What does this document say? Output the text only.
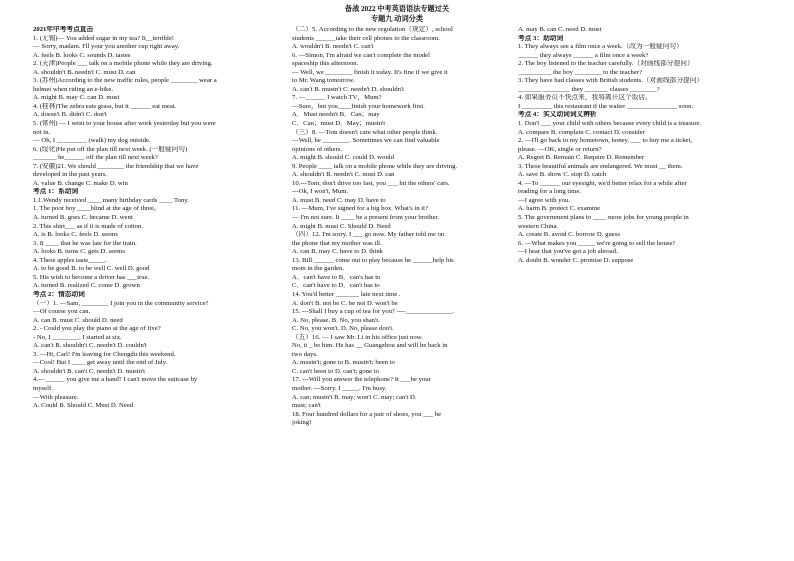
备战 2022 中考英语语法专题过关
专题九 动词分类
2021年中考考点直击
1. (无锡)— You added sugar in my tea? It__terrible!
— Sorry, madam. I'll your you another cup right away.
A. feels B. looks C. sounds D. tastes
2. (天津)People ___ talk on a mobile phone while they are driving.
A. shouldn't B. needn't C. must D. can
3. (苏州)According to the new traffic rules, people ________ wear a
helmet when riding an e-bike.
A. might B. may C. can D. must
4. (桂林)The zebra eats grass, but it ______ eat meat.
A. doesn't B. didn't C. don't
5. (常州) — I went to your house after work yesterday but you were
not in.
— Oh, I _________ (walk) my dog outside.
6. (绥化)He put off the plan till next week. (一般疑问句)
_______ he______ off the plan till next week?
7. (安徽)21. We should ________ the friendship that we have
developed in the past years.
A. value B. change C. make D. win
考点 1：系动词
1.1.Wendy received ____ many birthday cards ____ Tony.
1. The poor boy ____blind at the age of three。
A. turned B. goes C. became D. went
2. This shirt___ as if it is made of cotton.
A. is B. looks C. feels D. seems
3. It ____ that he was late for the train.
A. looks B. turns C. gets D. seems
4. These apples taste_____.
A. to be good B. to be well C. well D. good
5. His wish to become a driver has ___true.
A. turned B. realized C. come D. grown
考点 2：情态动词
（一）1. —Sam, ________ I join you in the community service?
—Of course you can.
A. can B. must C. should D. need
2. - Could you play the piano at the age of five?
- No, I ________. I started at six.
A. can't B. shouldn't C. needn't D. couldn't
3. —Hi, Carl! I'm leaving for Chengdu this weekend.
—Cool! But I ____ get away until the end of July.
A. shouldn't B. can't C. needn't D. mustn't
4.—______ you give me a hand? I can't move the suitcase by
myself.
—With pleasure.
A. Could B. Should C. Must D. Need
（二）5. According to the new regulation（规定）, school
students ______take their cell phones to the classroom.
A. wouldn't B. needn't C. can't
6. —Simon, I'm afraid we can't complete the model
spaceship this afternoon.
— Well, we ________ finish it today. It's fine if we give it
to Mr. Wang tomorrow.
A. can't B. mustn't C. needn't D. shouldn't
7. —______ I watch TV，Mum?
—Sure，but you____finish your homework first.
A．Must needn't B．Can；may
C．Can；must D．May；mustn't
（三）8. —Tom doesn't care what other people think.
—Well, he ________. Sometimes we can find valuable
opinions of others.
A. might B. should C. could D. would
9. People ____ talk on a mobile phone while they are driving.
A. shouldn't B. needn't C. must D. can
10.---Tom, don't drive too fast, you ___ hit the others' cars.
---Ok, I won't, Mum.
A. must B. need C. may D. have to
11. —Mum, I've signed for a big box. What's in it?
— I'm not sure. It ____ be a present from your brother.
A. might B. must C. Should D. Need
（四）12. I'm sorry. I ___ go now. My father told me on
the phone that my mother was ill.
A. can B. may C. have to D. think
13. Bill ______ come out to play because he ______help his
mom in the garden.
A．can't have to B．can's has to
C．can't have to D．can't has to
14. You'd better _______ late next time .
A. don't B. not be C. be not D. won't be
15. ---Shall I buy a cup of tea for you? ----______________.
A. No, please. B. No, you shan't.
C. No, you won't. D. No, please don't.
（五）16. — I saw Mr. Li in his office just now.
No, it _ be him. He has __ Guangzhou and will be back in
two days.
A. mustn't; gone to B. mustn't; been to
C. can't been to D. can't; gone to
17. ---Will you answer the telephone? It ___be your
mother. ---Sorry. I _____. I'm busy.
A. can; mustn't B. may; won't C. may; can't D.
must; can't
18. Four hundred dollars for a pair of shoes, you ___ be
joking!
A. may B. can C. need D. must
考点 3：助动词
1. They always see a film once a week.（改为一般疑问句）
______ they always ______ a film once a week?
2. The boy listened to the teacher carefully.（对画线部分提问）
__________ the boy ________ to the teacher?
3. They have had classes with British students.（对画线部分提问）
_______ ________ they _______ classes ________?
4. 如果服务员不快点来，我将离开这个饭店。
I _________ this restaurant if the waiter _______________ soon.
考点 4：实义动词词义辨析
1. Don't ___ your child with others because every child is a treasure.
A. compare B. complain C. contact D. consider
2. —I'll go back to my hometown, honey. ___ to buy me a ticket,
please. —OK, single or return?
A. Regret B. Remain C. Require D. Remember
3. These beautiful animals are endangered. We must __ them.
A. save B. show C. stop D. catch
4. —To ______ our eyesight, we'd better relax for a while after
reading for a long time.
—I agree with you.
A. harm B. protect C. examine
5. The government plans to ____ more jobs for young people in
western China.
A. create B. avoid C. borrow D. guess
6. —What makes you _____ we're going to sell the house?
—I hear that you've got a job abroad.
A. doubt B. wonder C. promise D. suppose
